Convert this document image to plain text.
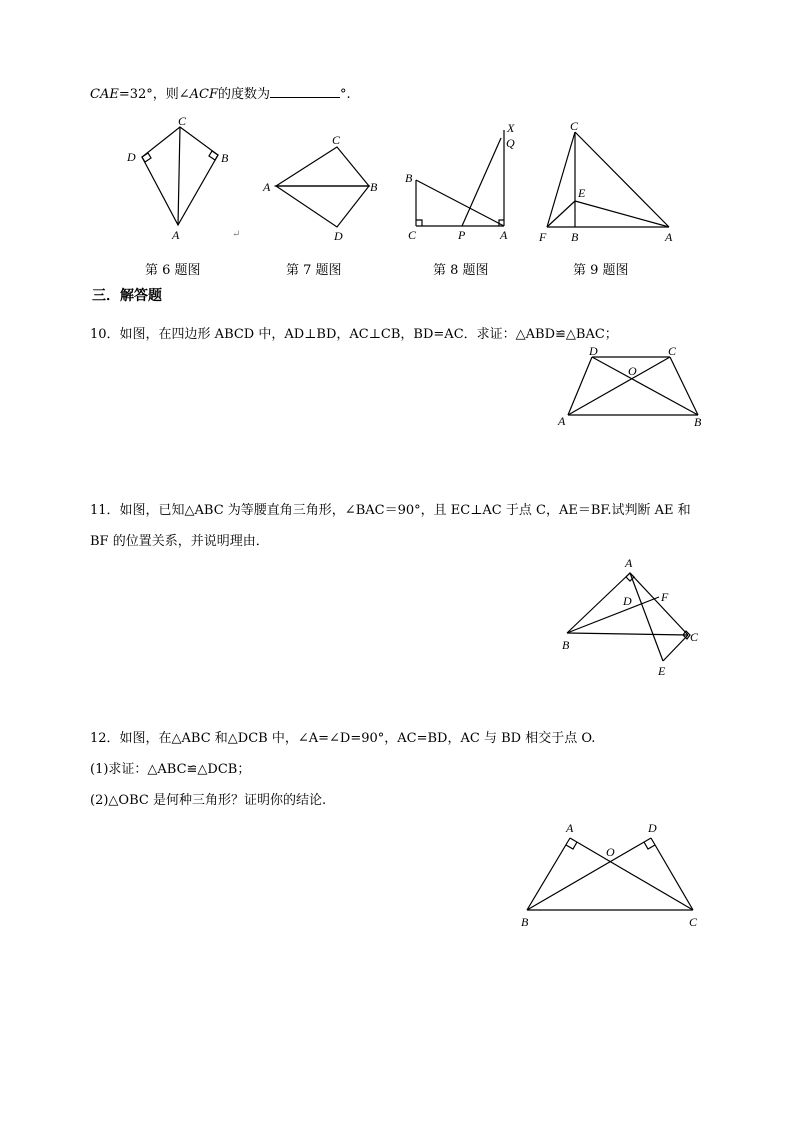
CAE=32°，则∠ACF的度数为	°.
C
D	B
A	↵
C
A	B
D
X
Q
B
C	P	A
C
E
F B	A
第 6 题图	第 7 题图	第 8 题图	第 9 题图
三．解答题
10．如图，在四边形 ABCD 中，AD⊥BD，AC⊥CB，BD=AC．求证：△ABD≌△BAC；
D	C
O
A	B
11．如图，已知△ABC 为等腰直角三角形，∠BAC＝90°，且 EC⊥AC 于点 C，AE＝BF.试判断 AE 和
BF 的位置关系，并说明理由．
A
D F
B
C
E
12．如图，在△ABC 和△DCB 中，∠A=∠D=90°，AC=BD，AC 与 BD 相交于点 O.
(1)求证：△ABC≌△DCB；
(2)△OBC 是何种三角形？证明你的结论.
A	D
O
B	C
